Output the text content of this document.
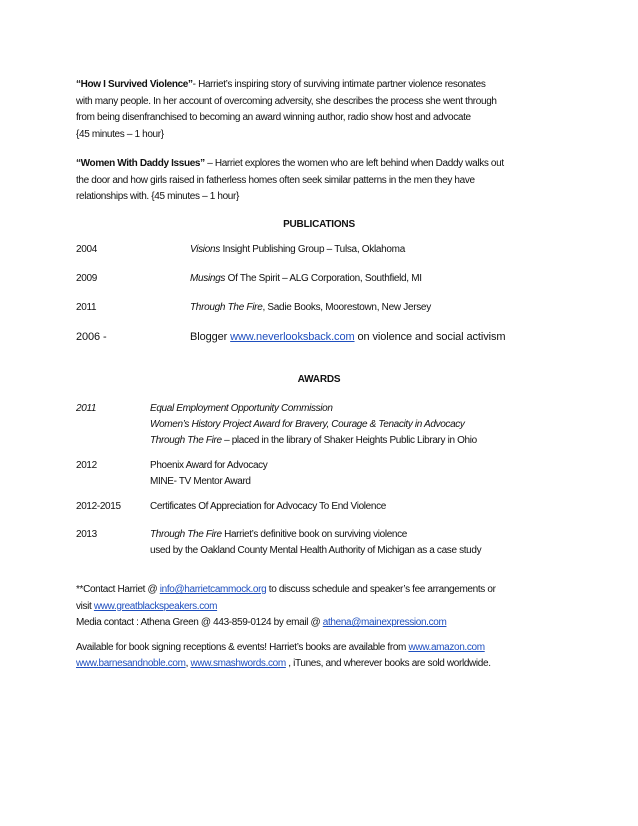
“How I Survived Violence”- Harriet’s inspiring story of surviving intimate partner violence resonates
with many people. In her account of overcoming adversity, she describes the process she went through
from being disenfranchised to becoming an award winning author, radio show host and advocate
{45 minutes – 1 hour}
“Women With Daddy Issues” – Harriet explores the women who are left behind when Daddy walks out
the door and how girls raised in fatherless homes often seek similar patterns in the men they have
relationships with. {45 minutes – 1 hour}
PUBLICATIONS
2004	Visions Insight Publishing Group – Tulsa, Oklahoma
2009	Musings Of The Spirit – ALG Corporation, Southfield, MI
2011	Through The Fire, Sadie Books, Moorestown, New Jersey
2006 -	Blogger www.neverlooksback.com on violence and social activism
AWARDS
2011	Equal Employment Opportunity Commission
Women’s History Project Award for Bravery, Courage & Tenacity in Advocacy
Through The Fire – placed in the library of Shaker Heights Public Library in Ohio
2012	Phoenix Award for Advocacy
MINE- TV Mentor Award
2012-2015	Certificates Of Appreciation for Advocacy To End Violence
2013	Through The Fire Harriet’s definitive book on surviving violence
used by the Oakland County Mental Health Authority of Michigan as a case study
**Contact Harriet @ info@harrietcammock.org to discuss schedule and speaker’s fee arrangements or
visit www.greatblackspeakers.com
Media contact : Athena Green @ 443-859-0124 by email @ athena@mainexpression.com
Available for book signing receptions & events! Harriet’s books are available from www.amazon.com
www.barnesandnoble.com, www.smashwords.com , iTunes, and wherever books are sold worldwide.
